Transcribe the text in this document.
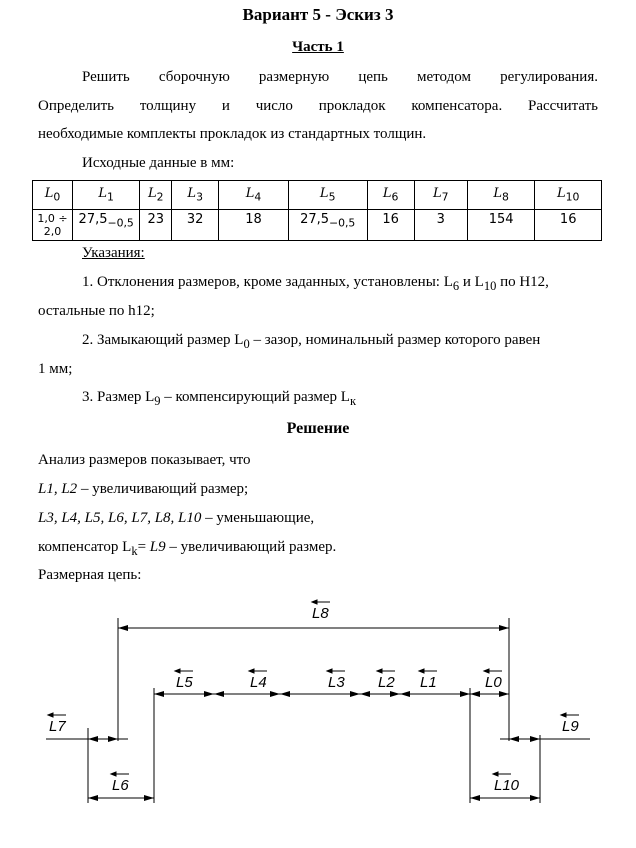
Вариант 5 - Эскиз 3
Часть 1
Решить сборочную размерную цепь методом регулирования.
Определить толщину и число прокладок компенсатора. Рассчитать
необходимые комплекты прокладок из стандартных толщин.
Исходные данные в мм:
$L_0$	$L_1$	$L_2$	$L_3$	$L_4$	$L_5$	$L_6$	$L_7$	$L_8$	$L_{10}$
1,0 ÷ 2,0	$27,5_{-0,5}$	23	32	18	$27,5_{-0,5}$	16	3	154	16
Указания:
1. Отклонения размеров, кроме заданных, установлены: $L_6$ и $L_{10}$ по H12,
остальные по h12;
2. Замыкающий размер $L_0$ – зазор, номинальный размер которого равен
1 мм;
3. Размер $L_9$ – компенсирующий размер $L_к$
Решение
Анализ размеров показывает, что
L1, L2 – увеличивающий размер;
L3, L4, L5, L6, L7, L8, L10 – уменьшающие,
компенсатор $L_k= L9$ – увеличивающий размер.
Размерная цепь:
L8
L5	L4	L3 L2 L1	L0
L7	L9
L6	L10
